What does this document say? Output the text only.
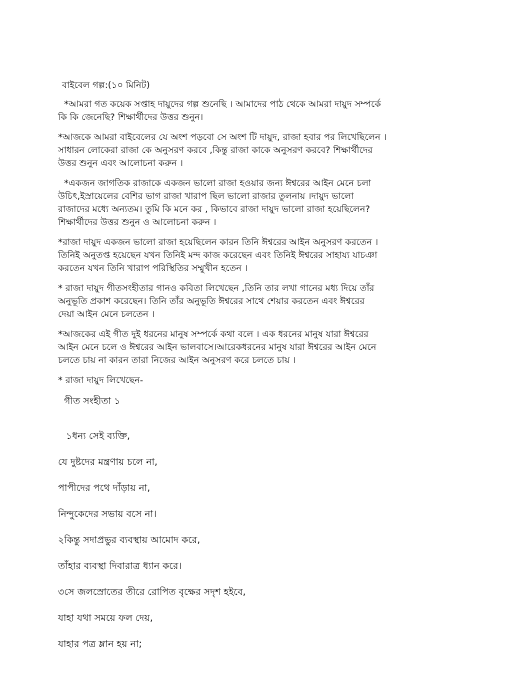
বাইবেল গল্প:(১০ মিনিট)
*আমরা গত কয়েক সপ্তাহ দায়ুদের গল্প শুনেছি । আমাদের পাঠ থেকে আমরা দায়ুদ সম্পর্কে
কি কি জেনেছি? শিক্ষার্থীদের উত্তর শুনুন।
*আজকে আমরা বাইবেলের যে অংশ পড়বো সে অংশ টি দায়ুদ, রাজা হবার পর লিখেছিলেন ।
সাধারন লোকেরা রাজা কে অনুসরণ করবে ,কিন্তু রাজা কাকে অনুসরণ করবে? শিক্ষার্থীদের
উত্তর শুনুন এবং আলোচনা করুন ।
*একজন জাগতিক রাজাকে একজন ভালো রাজা হওয়ার জন্য ঈশ্বরের আইন মেনে চলা
উচিৎ,ইস্রায়েলের বেশির ভাগ রাজা খারাপ ছিল ভালো রাজার তুলনায় ।দায়ুদ ভালো
রাজাদের মধ্যে অন্যতম। তুমি কি মনে কর , কিভাবে রাজা দায়ুদ ভালো রাজা হয়েছিলেন?
শিক্ষার্থীদের উত্তর শুনুন ও আলোচনা করুন ।
*রাজা দায়ুদ একজন ভালো রাজা হয়েছিলেন কারন তিনি ঈশ্বরের আইন অনুসরণ করতেন ।
তিনিই অনুতপ্ত হয়েছেন যখন তিনিই মন্দ কাজ করেছেন এবং তিনিই ঈশ্বরের সাহায্য যাচঞা
করতেন যখন তিনি খারাপ পরিস্থিতির সম্মুখীন হতেন ।
* রাজা দায়ুদ গীতসংহীতার গানও কবিতা লিখেছেন ,তিনি তার লখা গানের মধ্য দিয়ে তাঁর
অনুভূতি প্রকাশ করেছেন। তিনি তাঁর অনুভূতি ঈশ্বরের সাথে শেয়ার করতেন এবং ঈশ্বরের
দেয়া আইন মেনে চলতেন ।
*আজকের এই গীত দুই ধরনের মানুষ সম্পর্কে কথা বলে । এক ধরনের মানুষ যারা ঈশ্বরের
আইন মেনে চলে ও ঈশ্বরের আইন ভালবাসে।আরেকধরনের মানুষ যারা ঈশ্বরের আইন মেনে
চলতে চায় না কারন তারা নিজের আইন অনুসরণ করে চলতে চায় ।
* রাজা দায়ুদ লিখেছেন-
গীত সংহীতা ১
১ধন্য সেই ব্যক্তি,
যে দুষ্টদের মন্ত্রণায় চলে না,
পাপীদের পথে দাঁড়ায় না,
নিন্দুকেদের সভায় বসে না।
২কিন্তু সদাপ্রভুর ব্যবস্থায় আমোদ করে,
তাঁহার ব্যবস্থা দিবারাত্র ধ্যান করে।
৩সে জলস্রোতের তীরে রোপিত বৃক্ষের সদৃশ হইবে,
যাহা যথা সময়ে ফল দেয়,
যাহার পত্র ম্লান হয় না;
